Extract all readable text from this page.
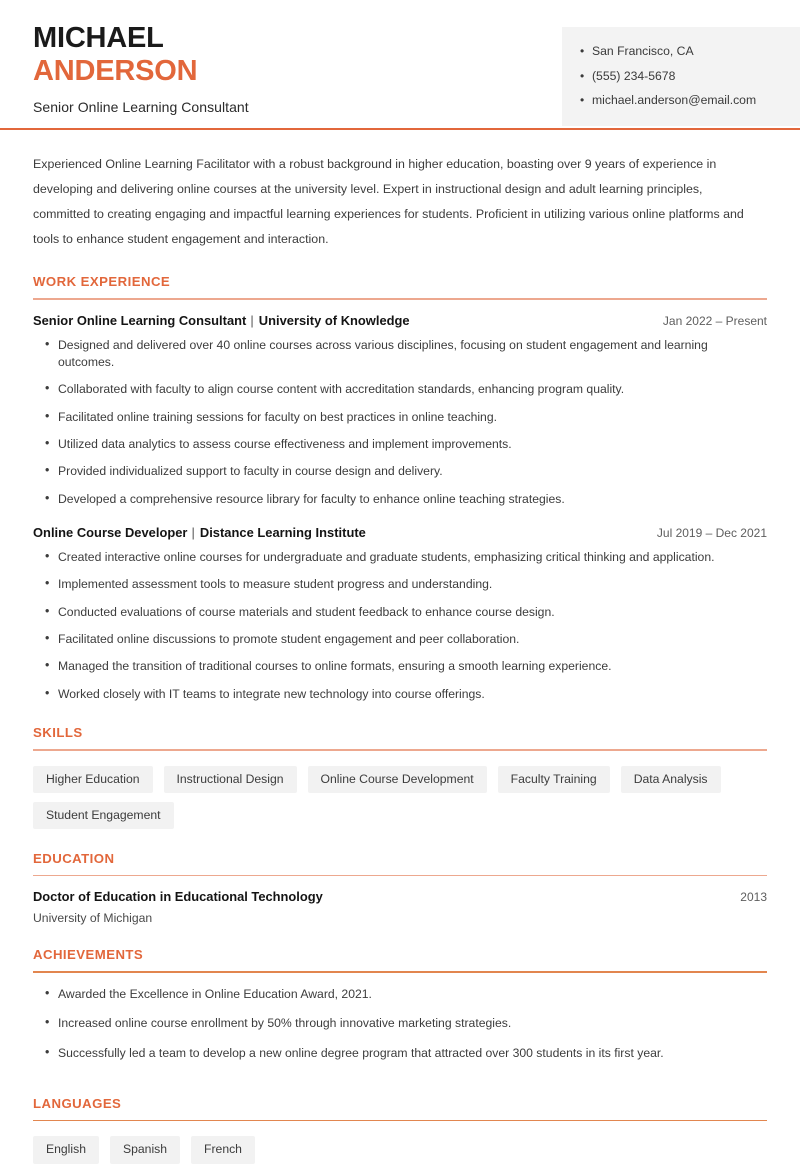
MICHAEL
ANDERSON
Senior Online Learning Consultant
• San Francisco, CA
• (555) 234-5678
• michael.anderson@email.com

Experienced Online Learning Facilitator with a robust background in higher education, boasting over 9 years of experience in developing and delivering online courses at the university level. Expert in instructional design and adult learning principles, committed to creating engaging and impactful learning experiences for students. Proficient in utilizing various online platforms and tools to enhance student engagement and interaction.

WORK EXPERIENCE
Senior Online Learning Consultant | University of Knowledge	Jan 2022 – Present
• Designed and delivered over 40 online courses across various disciplines, focusing on student engagement and learning outcomes.
• Collaborated with faculty to align course content with accreditation standards, enhancing program quality.
• Facilitated online training sessions for faculty on best practices in online teaching.
• Utilized data analytics to assess course effectiveness and implement improvements.
• Provided individualized support to faculty in course design and delivery.
• Developed a comprehensive resource library for faculty to enhance online teaching strategies.
Online Course Developer | Distance Learning Institute	Jul 2019 – Dec 2021
• Created interactive online courses for undergraduate and graduate students, emphasizing critical thinking and application.
• Implemented assessment tools to measure student progress and understanding.
• Conducted evaluations of course materials and student feedback to enhance course design.
• Facilitated online discussions to promote student engagement and peer collaboration.
• Managed the transition of traditional courses to online formats, ensuring a smooth learning experience.
• Worked closely with IT teams to integrate new technology into course offerings.
SKILLS
Higher Education	Instructional Design	Online Course Development	Faculty Training	Data Analysis
Student Engagement
EDUCATION
Doctor of Education in Educational Technology	2013
University of Michigan
ACHIEVEMENTS
• Awarded the Excellence in Online Education Award, 2021.
• Increased online course enrollment by 50% through innovative marketing strategies.
• Successfully led a team to develop a new online degree program that attracted over 300 students in its first year.
LANGUAGES
English	Spanish	French
